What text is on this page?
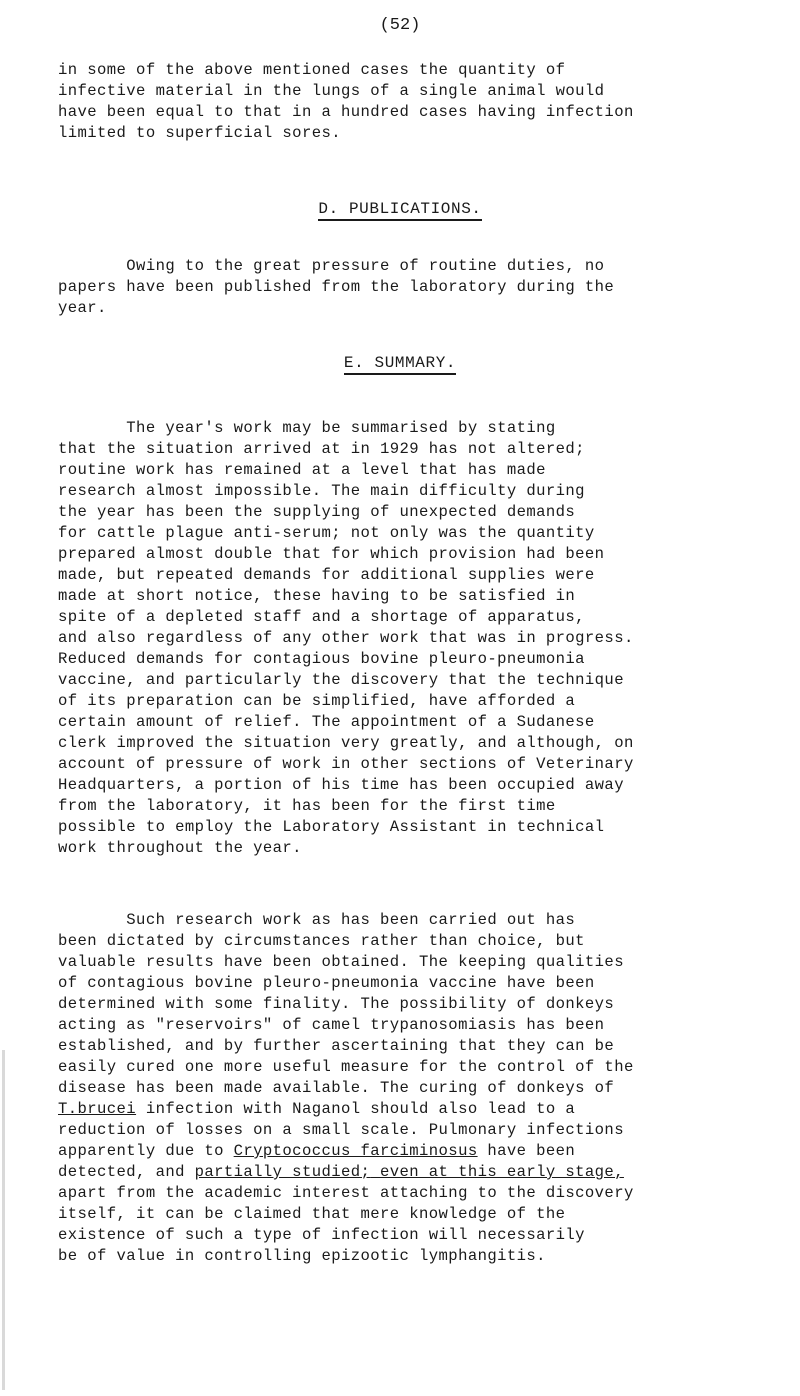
(52)
in some of the above mentioned cases the quantity of
infective material in the lungs of a single animal would
have been equal to that in a hundred cases having infection
limited to superficial sores.
D. PUBLICATIONS.
Owing to the great pressure of routine duties, no
papers have been published from the laboratory during the
year.
E. SUMMARY.
The year's work may be summarised by stating
that the situation arrived at in 1929 has not altered;
routine work has remained at a level that has made
research almost impossible. The main difficulty during
the year has been the supplying of unexpected demands
for cattle plague anti-serum; not only was the quantity
prepared almost double that for which provision had been
made, but repeated demands for additional supplies were
made at short notice, these having to be satisfied in
spite of a depleted staff and a shortage of apparatus,
and also regardless of any other work that was in progress.
Reduced demands for contagious bovine pleuro-pneumonia
vaccine, and particularly the discovery that the technique
of its preparation can be simplified, have afforded a
certain amount of relief. The appointment of a Sudanese
clerk improved the situation very greatly, and although, on
account of pressure of work in other sections of Veterinary
Headquarters, a portion of his time has been occupied away
from the laboratory, it has been for the first time
possible to employ the Laboratory Assistant in technical
work throughout the year.
Such research work as has been carried out has
been dictated by circumstances rather than choice, but
valuable results have been obtained. The keeping qualities
of contagious bovine pleuro-pneumonia vaccine have been
determined with some finality. The possibility of donkeys
acting as "reservoirs" of camel trypanosomiasis has been
established, and by further ascertaining that they can be
easily cured one more useful measure for the control of the
disease has been made available. The curing of donkeys of
T.brucei infection with Naganol should also lead to a
reduction of losses on a small scale. Pulmonary infections
apparently due to Cryptococcus farciminosus have been
detected, and partially studied; even at this early stage,
apart from the academic interest attaching to the discovery
itself, it can be claimed that mere knowledge of the
existence of such a type of infection will necessarily
be of value in controlling epizootic lymphangitis.
